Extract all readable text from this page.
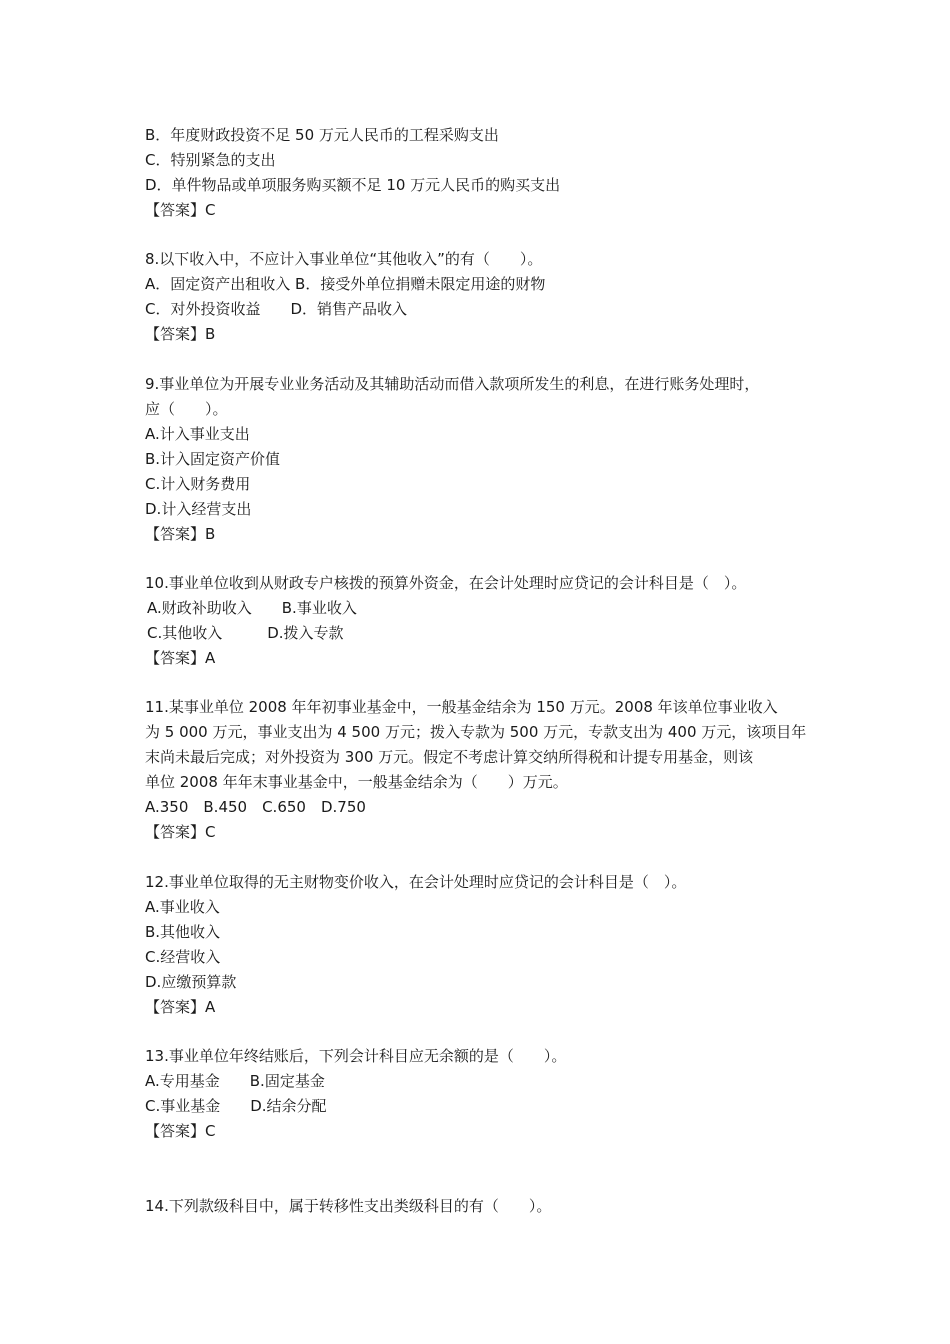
B．年度财政投资不足 50 万元人民币的工程采购支出
C．特别紧急的支出
D．单件物品或单项服务购买额不足 10 万元人民币的购买支出
【答案】C
8.以下收入中，不应计入事业单位“其他收入”的有（　　）。
A．固定资产出租收入 B．接受外单位捐赠未限定用途的财物
C．对外投资收益　　D．销售产品收入
【答案】B
9.事业单位为开展专业业务活动及其辅助活动而借入款项所发生的利息，在进行账务处理时，
应（　　）。
A.计入事业支出
B.计入固定资产价值
C.计入财务费用
D.计入经营支出
【答案】B
10.事业单位收到从财政专户核拨的预算外资金，在会计处理时应贷记的会计科目是（　）。
A.财政补助收入　　B.事业收入
C.其他收入　　　D.拨入专款
【答案】A
11.某事业单位 2008 年年初事业基金中，一般基金结余为 150 万元。2008 年该单位事业收入
为 5 000 万元，事业支出为 4 500 万元；拨入专款为 500 万元，专款支出为 400 万元，该项目年
末尚未最后完成；对外投资为 300 万元。假定不考虑计算交纳所得税和计提专用基金，则该
单位 2008 年年末事业基金中，一般基金结余为（　　）万元。
A.350　B.450　C.650　D.750
【答案】C
12.事业单位取得的无主财物变价收入，在会计处理时应贷记的会计科目是（　）。
A.事业收入
B.其他收入
C.经营收入
D.应缴预算款
【答案】A
13.事业单位年终结账后，下列会计科目应无余额的是（　　）。
A.专用基金　　B.固定基金
C.事业基金　　D.结余分配
【答案】C
14.下列款级科目中，属于转移性支出类级科目的有（　　）。
